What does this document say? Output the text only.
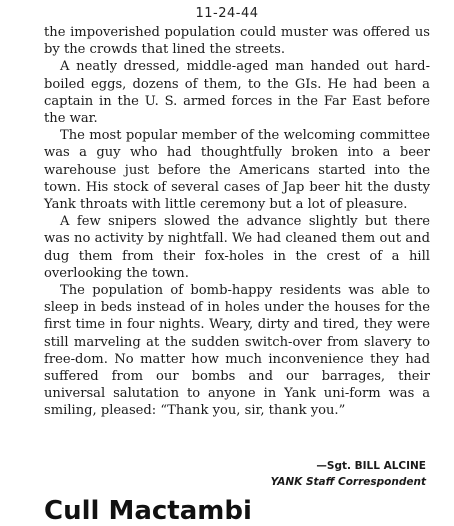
11-24-44

the impoverished population could muster was offered us by the crowds that lined the streets.

A neatly dressed, middle-aged man handed out hard-boiled eggs, dozens of them, to the GIs. He had been a captain in the U. S. armed forces in the Far East before the war.

The most popular member of the welcoming committee was a guy who had thoughtfully broken into a beer warehouse just before the Americans started into the town. His stock of several cases of Jap beer hit the dusty Yank throats with little ceremony but a lot of pleasure.

A few snipers slowed the advance slightly but there was no activity by nightfall. We had cleaned them out and dug them from their fox-holes in the crest of a hill overlooking the town.

The population of bomb-happy residents was able to sleep in beds instead of in holes under the houses for the first time in four nights. Weary, dirty and tired, they were still marveling at the sudden switch-over from slavery to free-dom. No matter how much inconvenience they had suffered from our bombs and our barrages, their universal salutation to anyone in Yank uni-form was a smiling, pleased: “Thank you, sir, thank you.”

—Sgt. BILL ALCINE
YANK Staff Correspondent
Cull Mactambi
